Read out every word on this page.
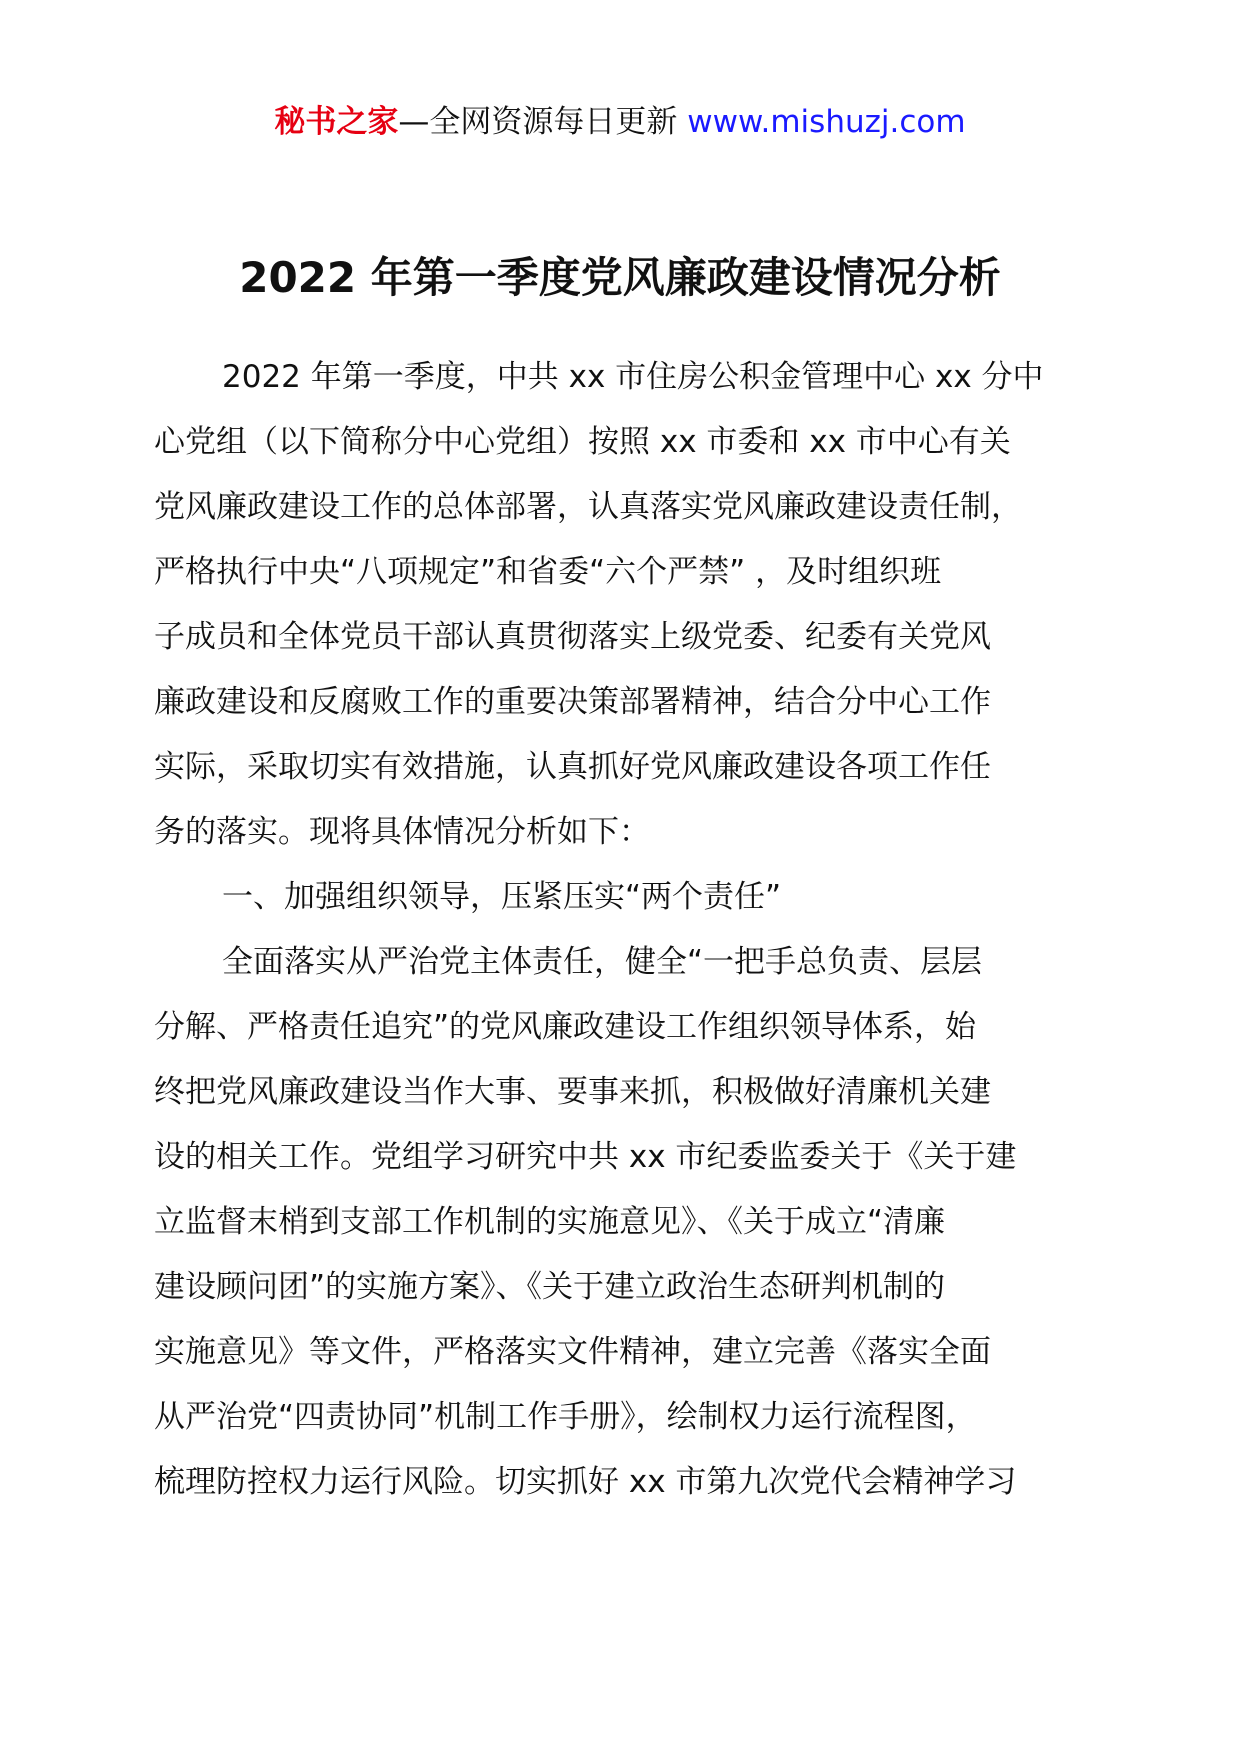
秘书之家—全网资源每日更新 www.mishuzj.com
2022 年第一季度党风廉政建设情况分析
2022 年第一季度，中共 xx 市住房公积金管理中心 xx 分中
心党组（以下简称分中心党组）按照 xx 市委和 xx 市中心有关
党风廉政建设工作的总体部署，认真落实党风廉政建设责任制，
严格执行中央“八项规定”和省委“六个严禁” ，及时组织班
子成员和全体党员干部认真贯彻落实上级党委、纪委有关党风
廉政建设和反腐败工作的重要决策部署精神，结合分中心工作
实际，采取切实有效措施，认真抓好党风廉政建设各项工作任
务的落实。现将具体情况分析如下：
一、加强组织领导，压紧压实“两个责任”
全面落实从严治党主体责任，健全“一把手总负责、层层
分解、严格责任追究”的党风廉政建设工作组织领导体系，始
终把党风廉政建设当作大事、要事来抓，积极做好清廉机关建
设的相关工作。党组学习研究中共 xx 市纪委监委关于《关于建
立监督末梢到支部工作机制的实施意见》、《关于成立“清廉
建设顾问团”的实施方案》、《关于建立政治生态研判机制的
实施意见》等文件，严格落实文件精神，建立完善《落实全面
从严治党“四责协同”机制工作手册》，绘制权力运行流程图，
梳理防控权力运行风险。切实抓好 xx 市第九次党代会精神学习
